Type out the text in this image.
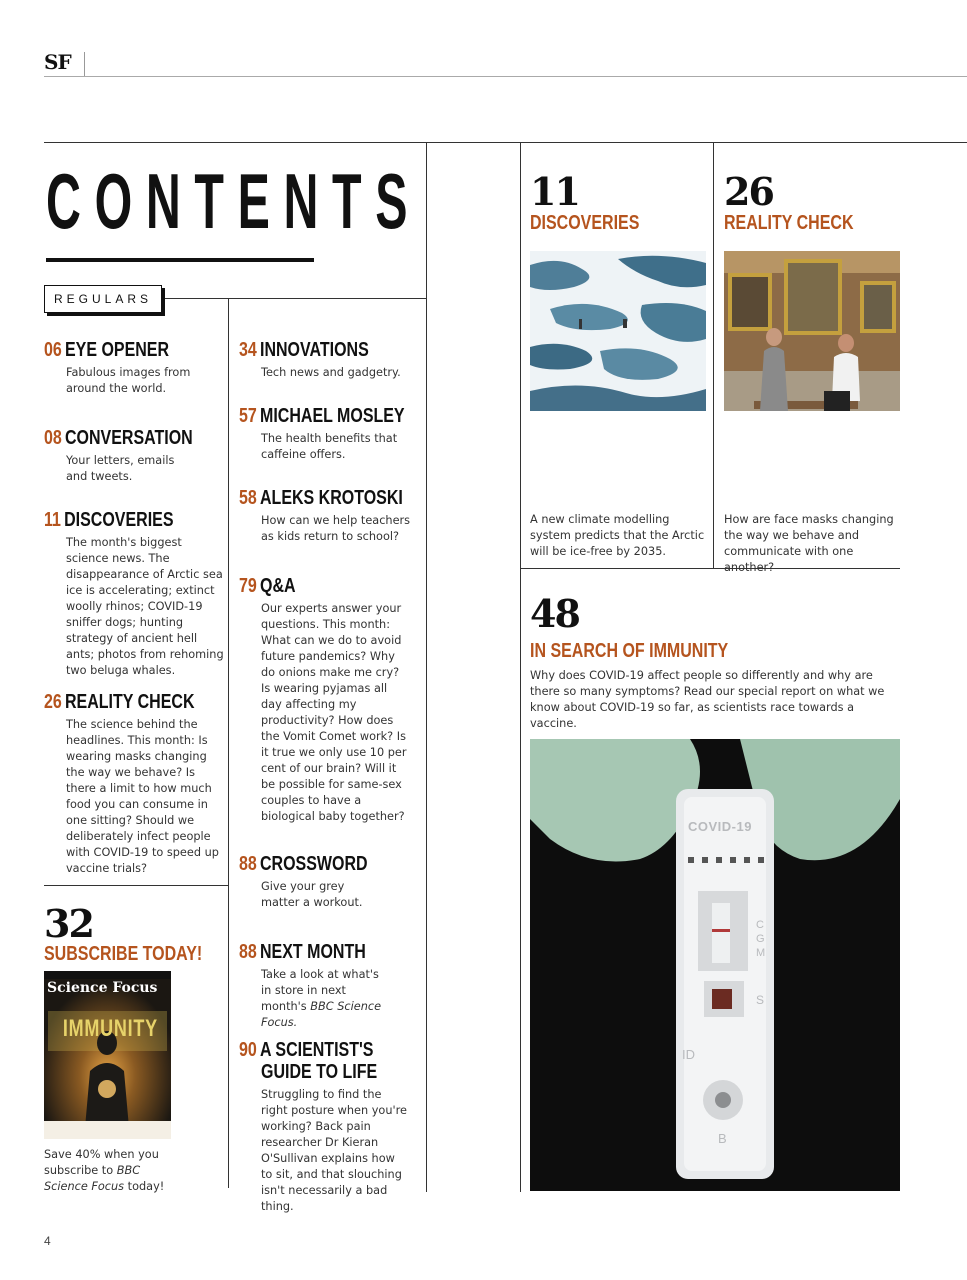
SF
CONTENTS
REGULARS
06 EYE OPENER
Fabulous images from around the world.
08 CONVERSATION
Your letters, emails and tweets.
11 DISCOVERIES
The month's biggest science news. The disappearance of Arctic sea ice is accelerating; extinct woolly rhinos; COVID-19 sniffer dogs; hunting strategy of ancient hell ants; photos from rehoming two beluga whales.
26 REALITY CHECK
The science behind the headlines. This month: Is wearing masks changing the way we behave? Is there a limit to how much food you can consume in one sitting? Should we deliberately infect people with COVID-19 to speed up vaccine trials?
32
SUBSCRIBE TODAY!
Science Focus
IMMUNITY
Save 40% when you subscribe to BBC Science Focus today!
34 INNOVATIONS
Tech news and gadgetry.
57 MICHAEL MOSLEY
The health benefits that caffeine offers.
58 ALEKS KROTOSKI
How can we help teachers as kids return to school?
79 Q&A
Our experts answer your questions. This month: What can we do to avoid future pandemics? Why do onions make me cry? Is wearing pyjamas all day affecting my productivity? How does the Vomit Comet work? Is it true we only use 10 per cent of our brain? Will it be possible for same-sex couples to have a biological baby together?
88 CROSSWORD
Give your grey matter a workout.
88 NEXT MONTH
Take a look at what's in store in next month's BBC Science Focus.
90 A SCIENTIST'S
GUIDE TO LIFE
Struggling to find the right posture when you're working? Back pain researcher Dr Kieran O'Sullivan explains how to sit, and that slouching isn't necessarily a bad thing.
11
DISCOVERIES
A new climate modelling system predicts that the Arctic will be ice-free by 2035.
26
REALITY CHECK
How are face masks changing the way we behave and communicate with one another?
48
IN SEARCH OF IMMUNITY
Why does COVID-19 affect people so differently and why are there so many symptoms? Read our special report on what we know about COVID-19 so far, as scientists race towards a vaccine.
COVID-19
C
G
M
S
ID
B
4
